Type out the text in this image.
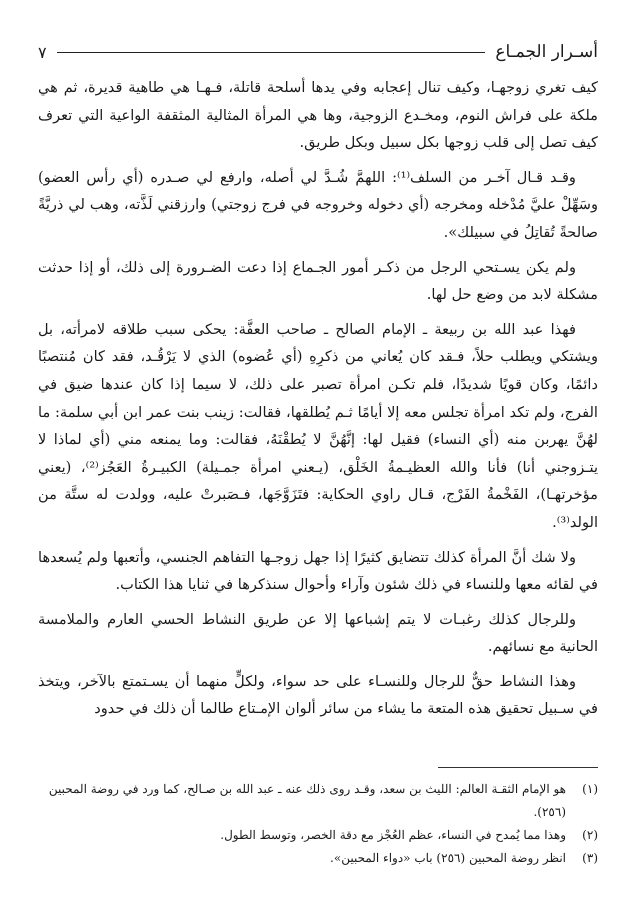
أسـرار الجمـاع
٧

كيف تغري زوجهـا، وكيف تنال إعجابه وفي يدها أسلحة قاتلة، فـهـا هي طاهية قديرة، ثم هي ملكة على فراش النوم، ومخـدع الزوجية، وها هي المرأة المثالية المثقفة الواعية التي تعرف كيف تصل إلى قلب زوجها بكل سبيل وبكل طريق.

وقـد قـال آخـر من السلف⁽¹⁾: اللهمَّ شُـدَّ لي أصله، وارفع لي صـدره (أي رأس العضو) وسَهِّلْ عليَّ مُدْخله ومخرجه (أي دخوله وخروجه في فرج زوجتي) وارزقني لَذَّته، وهب لي ذريَّةً صالحةً تُقاتِلُ في سبيلك».

ولم يكن يسـتحي الرجل من ذكـر أمور الجـماع إذا دعت الضـرورة إلى ذلك، أو إذا حدثت مشكلة لابد من وضع حل لها.

فهذا عبد الله بن ربيعة ـ الإمام الصالح ـ صاحب العفَّة: يحكى سبب طلاقه لامرأته، بل ويشتكي ويطلب حلاً، فـقد كان يُعاني من ذكرِهِ (أي عُضوه) الذي لا يَرْقُـد، فقد كان مُنتصبًا دائمًا، وكان قويًا شديدًا، فلم تكـن امرأة تصبر على ذلك، لا سيما إذا كان عندها ضيق في الفرج، ولم تكد امرأة تجلس معه إلا أيامًا ثـم يُطلقها، فقالت: زينب بنت عمر ابن أبي سلمة: ما لهُنَّ يهربن منه (أي النساء) فقيل لها: إنَّهُنَّ لا يُطقْنَهُ، فقالت: وما يمنعه مني (أي لماذا لا يتـزوجني أنا) فأنا والله العظيـمةُ الخَلْق، (يـعني امرأة جمـيلة) الكبيـرةُ العَجُز⁽²⁾، (يعني مؤخرتهـا)، الفَخْمةُ الفَرْج، قـال راوي الحكاية: فتَزَوَّجَها، فـصَبرتْ عليه، وولدت له ستَّة من الولد⁽³⁾.

ولا شك أنَّ المرأة كذلك تتضايق كثيرًا إذا جهل زوجـها التفاهم الجنسي، وأتعبها ولم يُسعدها في لقائه معها وللنساء في ذلك شئون وآراء وأحوال سنذكرها في ثنايا هذا الكتاب.

وللرجال كذلك رغبـات لا يتم إشباعها إلا عن طريق النشاط الحسي العارم والملامسة الحانية مع نسائهم.

وهذا النشاط حقٌّ للرجال وللنسـاء على حد سواء، ولكلٍّ منهما أن يسـتمتع بالآخر، ويتخذ في سـبيل تحقيق هذه المتعة ما يشاء من سائر ألوان الإمـتاع طالما أن ذلك في حدود

(١)
هو الإمام الثقـة العالم: الليث بن سعد، وقـد روى ذلك عنه ـ عبد الله بن صـالح، كما ورد في روضة المحبين (٢٥٦).
(٢)
وهذا مما يُمدح في النساء، عظم العُجْز مع دقة الخصر، وتوسط الطول.
(٣)
انظر روضة المحبين (٢٥٦) باب «دواء المحبين».
